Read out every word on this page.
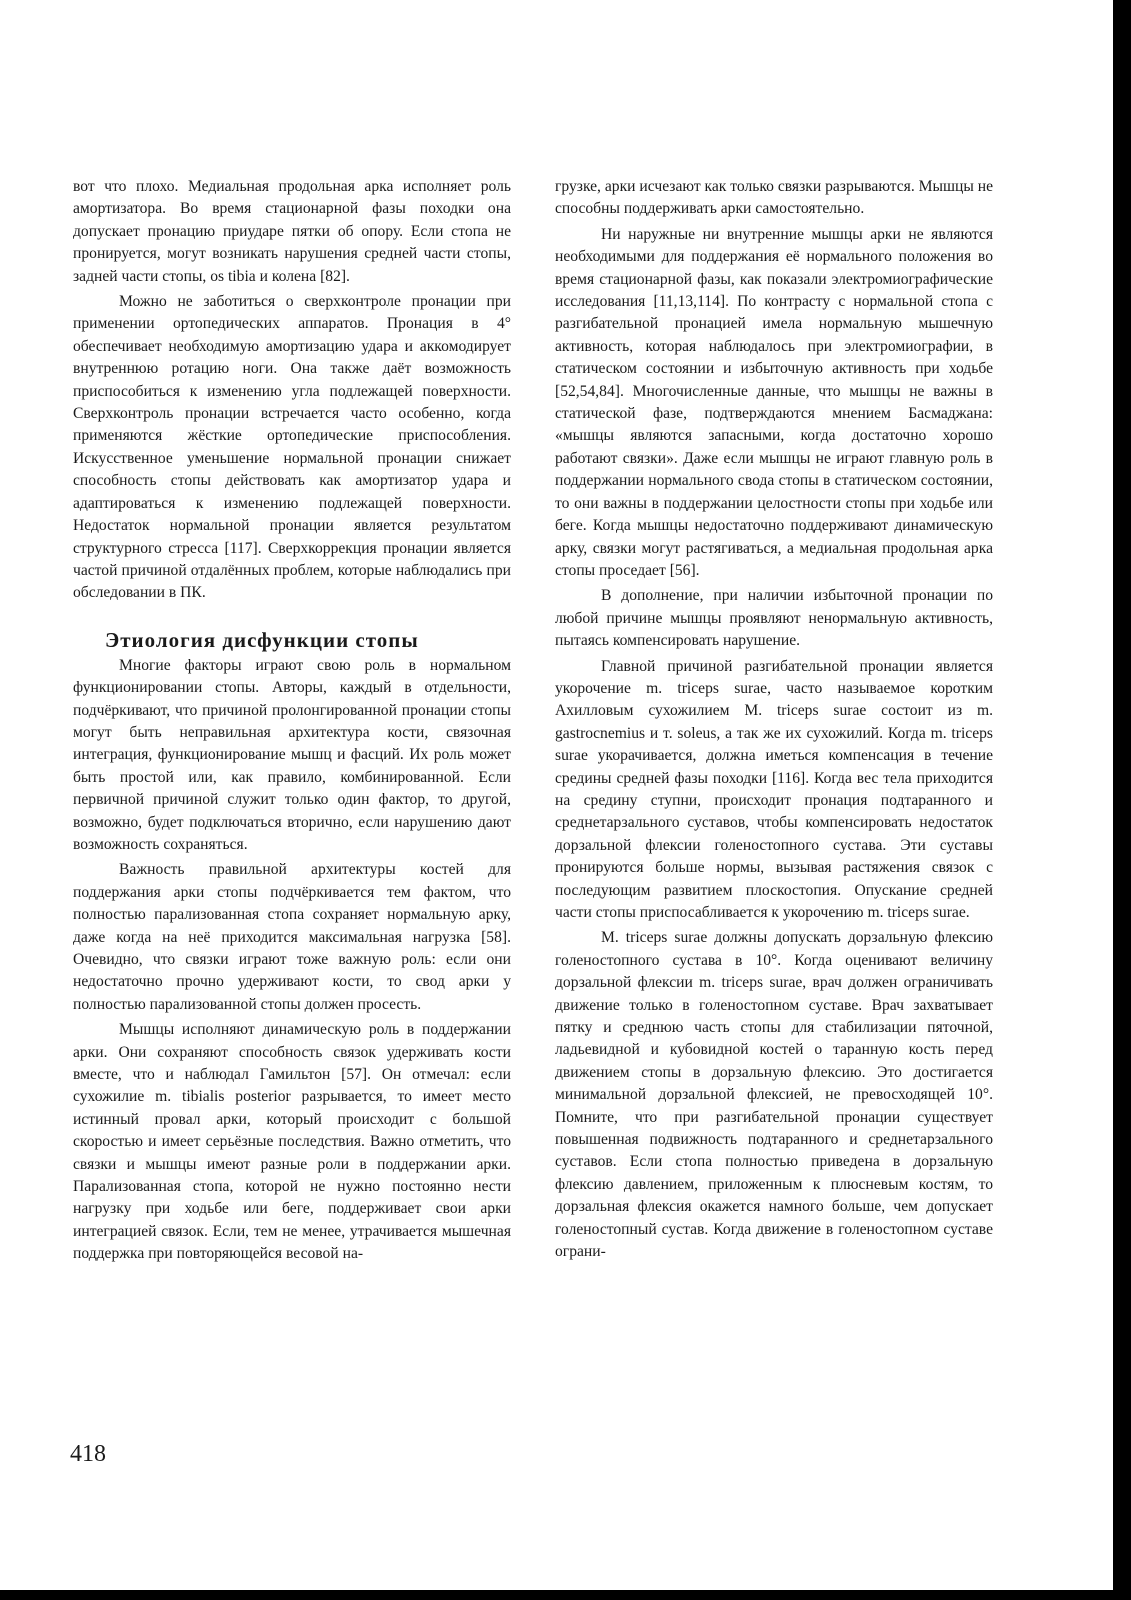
вот что плохо. Медиальная продольная арка исполняет роль амортизатора. Во время стационарной фазы походки она допускает пронацию приударе пятки об опору. Если стопа не пронируется, могут возникать нарушения средней части стопы, задней части стопы, os tibia и колена [82].

Можно не заботиться о сверхконтроле пронации при применении ортопедических аппаратов. Пронация в 4° обеспечивает необходимую амортизацию удара и аккомодирует внутреннюю ротацию ноги. Она также даёт возможность приспособиться к изменению угла подлежащей поверхности. Сверхконтроль пронации встречается часто особенно, когда применяются жёсткие ортопедические приспособления. Искусственное уменьшение нормальной пронации снижает способность стопы действовать как амортизатор удара и адаптироваться к изменению подлежащей поверхности. Недостаток нормальной пронации является результатом структурного стресса [117]. Сверхкоррекция пронации является частой причиной отдалённых проблем, которые наблюдались при обследовании в ПК.

Этиология дисфункции стопы

Многие факторы играют свою роль в нормальном функционировании стопы. Авторы, каждый в отдельности, подчёркивают, что причиной пролонгированной пронации стопы могут быть неправильная архитектура кости, связочная интеграция, функционирование мышц и фасций. Их роль может быть простой или, как правило, комбинированной. Если первичной причиной служит только один фактор, то другой, возможно, будет подключаться вторично, если нарушению дают возможность сохраняться.

Важность правильной архитектуры костей для поддержания арки стопы подчёркивается тем фактом, что полностью парализованная стопа сохраняет нормальную арку, даже когда на неё приходится максимальная нагрузка [58]. Очевидно, что связки играют тоже важную роль: если они недостаточно прочно удерживают кости, то свод арки у полностью парализованной стопы должен просесть.

Мышцы исполняют динамическую роль в поддержании арки. Они сохраняют способность связок удерживать кости вместе, что и наблюдал Гамильтон [57]. Он отмечал: если сухожилие m. tibialis posterior разрывается, то имеет место истинный провал арки, который происходит с большой скоростью и имеет серьёзные последствия. Важно отметить, что связки и мышцы имеют разные роли в поддержании арки. Парализованная стопа, которой не нужно постоянно нести нагрузку при ходьбе или беге, поддерживает свои арки интеграцией связок. Если, тем не менее, утрачивается мышечная поддержка при повторяющейся весовой на-

грузке, арки исчезают как только связки разрываются. Мышцы не способны поддерживать арки самостоятельно.

Ни наружные ни внутренние мышцы арки не являются необходимыми для поддержания её нормального положения во время стационарной фазы, как показали электромиографические исследования [11,13,114]. По контрасту с нормальной стопа с разгибательной пронацией имела нормальную мышечную активность, которая наблюдалось при электромиографии, в статическом состоянии и избыточную активность при ходьбе [52,54,84]. Многочисленные данные, что мышцы не важны в статической фазе, подтверждаются мнением Басмаджана: «мышцы являются запасными, когда достаточно хорошо работают связки». Даже если мышцы не играют главную роль в поддержании нормального свода стопы в статическом состоянии, то они важны в поддержании целостности стопы при ходьбе или беге. Когда мышцы недостаточно поддерживают динамическую арку, связки могут растягиваться, а медиальная продольная арка стопы проседает [56].

В дополнение, при наличии избыточной пронации по любой причине мышцы проявляют ненормальную активность, пытаясь компенсировать нарушение.

Главной причиной разгибательной пронации является укорочение m. triceps surae, часто называемое коротким Ахилловым сухожилием M. triceps surae состоит из m. gastrocnemius и т. soleus, а так же их сухожилий. Когда m. triceps surae укорачивается, должна иметься компенсация в течение средины средней фазы походки [116]. Когда вес тела приходится на средину ступни, происходит пронация подтаранного и среднетарзального суставов, чтобы компенсировать недостаток дорзальной флексии голеностопного сустава. Эти суставы пронируются больше нормы, вызывая растяжения связок с последующим развитием плоскостопия. Опускание средней части стопы приспосабливается к укорочению m. triceps surae.

M. triceps surae должны допускать дорзальную флексию голеностопного сустава в 10°. Когда оценивают величину дорзальной флексии m. triceps surae, врач должен ограничивать движение только в голеностопном суставе. Врач захватывает пятку и среднюю часть стопы для стабилизации пяточной, ладьевидной и кубовидной костей о таранную кость перед движением стопы в дорзальную флексию. Это достигается минимальной дорзальной флексией, не превосходящей 10°. Помните, что при разгибательной пронации существует повышенная подвижность подтаранного и среднетарзального суставов. Если стопа полностью приведена в дорзальную флексию давлением, приложенным к плюсневым костям, то дорзальная флексия окажется намного больше, чем допускает голеностопный сустав. Когда движение в голеностопном суставе ограни-

418
